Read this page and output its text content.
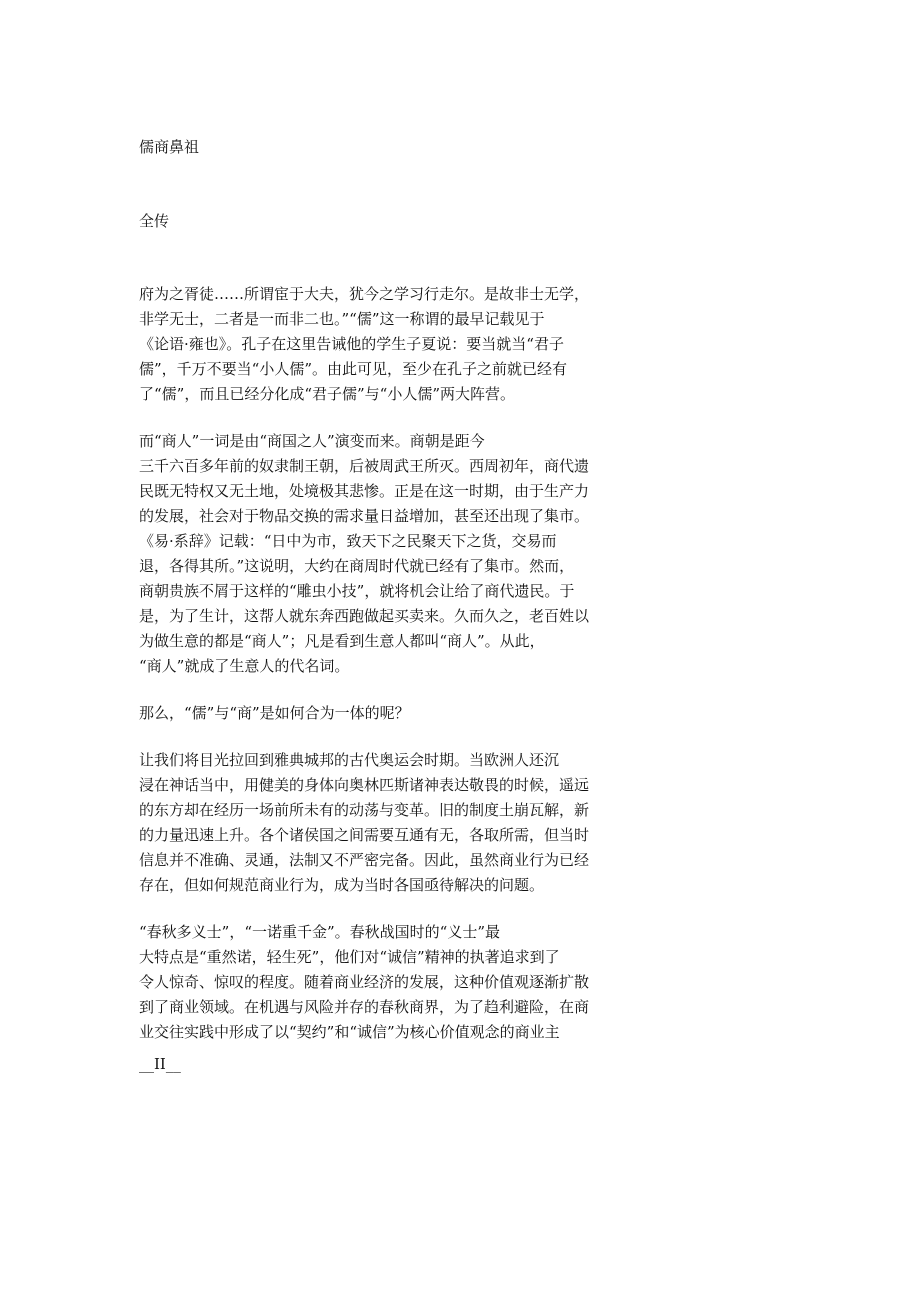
儒商鼻祖
全传
府为之胥徒……所谓宦于大夫，犹今之学习行走尔。是故非士无学，
非学无士，二者是一而非二也。”“儒”这一称谓的最早记载见于
《论语·雍也》。孔子在这里告诫他的学生子夏说：要当就当“君子
儒”，千万不要当“小人儒”。由此可见，至少在孔子之前就已经有
了“儒”，而且已经分化成“君子儒”与“小人儒”两大阵营。
而“商人”一词是由“商国之人”演变而来。商朝是距今
三千六百多年前的奴隶制王朝，后被周武王所灭。西周初年，商代遗
民既无特权又无土地，处境极其悲惨。正是在这一时期，由于生产力
的发展，社会对于物品交换的需求量日益增加，甚至还出现了集市。
《易·系辞》记载：“日中为市，致天下之民聚天下之货，交易而
退，各得其所。”这说明，大约在商周时代就已经有了集市。然而，
商朝贵族不屑于这样的“雕虫小技”，就将机会让给了商代遗民。于
是，为了生计，这帮人就东奔西跑做起买卖来。久而久之，老百姓以
为做生意的都是“商人”；凡是看到生意人都叫“商人”。从此，
“商人”就成了生意人的代名词。
那么，“儒”与“商”是如何合为一体的呢？
让我们将目光拉回到雅典城邦的古代奥运会时期。当欧洲人还沉
浸在神话当中，用健美的身体向奥林匹斯诸神表达敬畏的时候，遥远
的东方却在经历一场前所未有的动荡与变革。旧的制度土崩瓦解，新
的力量迅速上升。各个诸侯国之间需要互通有无，各取所需，但当时
信息并不准确、灵通，法制又不严密完备。因此，虽然商业行为已经
存在，但如何规范商业行为，成为当时各国亟待解决的问题。
“春秋多义士”，“一诺重千金”。春秋战国时的“义士”最
大特点是“重然诺，轻生死”，他们对“诚信”精神的执著追求到了
令人惊奇、惊叹的程度。随着商业经济的发展，这种价值观逐渐扩散
到了商业领域。在机遇与风险并存的春秋商界，为了趋利避险，在商
业交往实践中形成了以“契约”和“诚信”为核心价值观念的商业主
__II__
